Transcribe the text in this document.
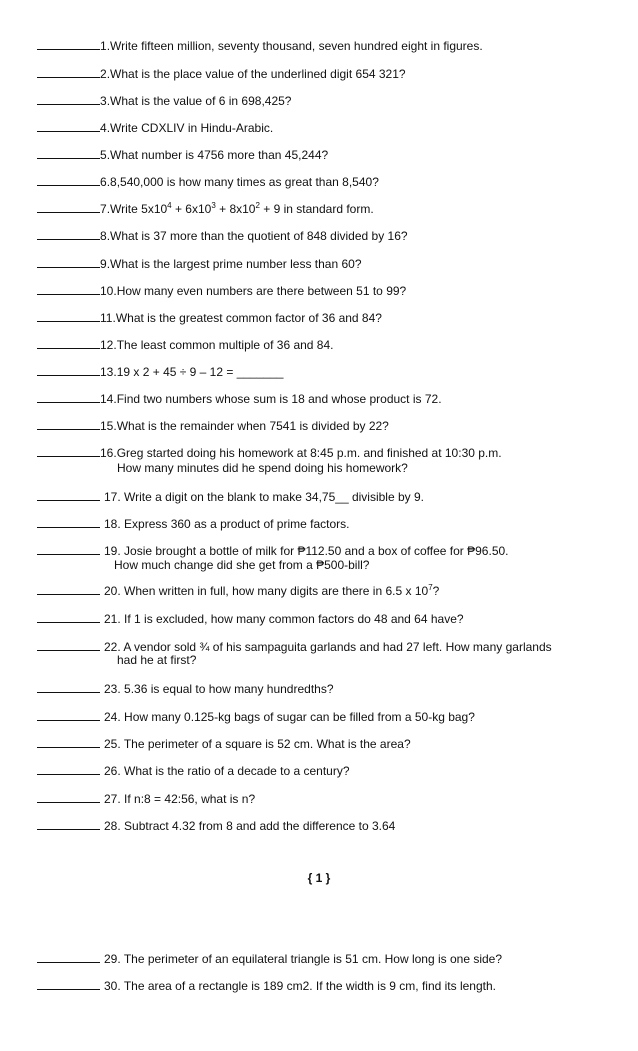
1.Write fifteen million, seventy thousand, seven hundred eight in figures.
2.What is the place value of the underlined digit 654 321?
3.What is the value of 6 in 698,425?
4.Write CDXLIV in Hindu-Arabic.
5.What number is 4756 more than 45,244?
6.8,540,000 is how many times as great than 8,540?
7.Write $5x10^4 + 6x10^3 + 8x10^2 + 9$ in standard form.
8.What is 37 more than the quotient of 848 divided by 16?
9.What is the largest prime number less than 60?
10.How many even numbers are there between 51 to 99?
11.What is the greatest common factor of 36 and 84?
12.The least common multiple of 36 and 84.
13.19 x 2 + 45 ÷ 9 – 12 = _______
14.Find two numbers whose sum is 18 and whose product is 72.
15.What is the remainder when 7541 is divided by 22?
16.Greg started doing his homework at 8:45 p.m. and finished at 10:30 p.m.
How many minutes did he spend doing his homework?
17. Write a digit on the blank to make 34,75__ divisible by 9.
18. Express 360 as a product of prime factors.
19. Josie brought a bottle of milk for ₱112.50 and a box of coffee for ₱96.50.
How much change did she get from a ₱500-bill?
20. When written in full, how many digits are there in 6.5 x $10^7$?
21. If 1 is excluded, how many common factors do 48 and 64 have?
22. A vendor sold ¾ of his sampaguita garlands and had 27 left. How many garlands
had he at first?
23. 5.36 is equal to how many hundredths?
24. How many 0.125-kg bags of sugar can be filled from a 50-kg bag?
25. The perimeter of a square is 52 cm. What is the area?
26. What is the ratio of a decade to a century?
27. If n:8 = 42:56, what is n?
28. Subtract 4.32 from 8 and add the difference to 3.64
{ 1 }
29. The perimeter of an equilateral triangle is 51 cm. How long is one side?
30. The area of a rectangle is 189 cm2. If the width is 9 cm, find its length.
